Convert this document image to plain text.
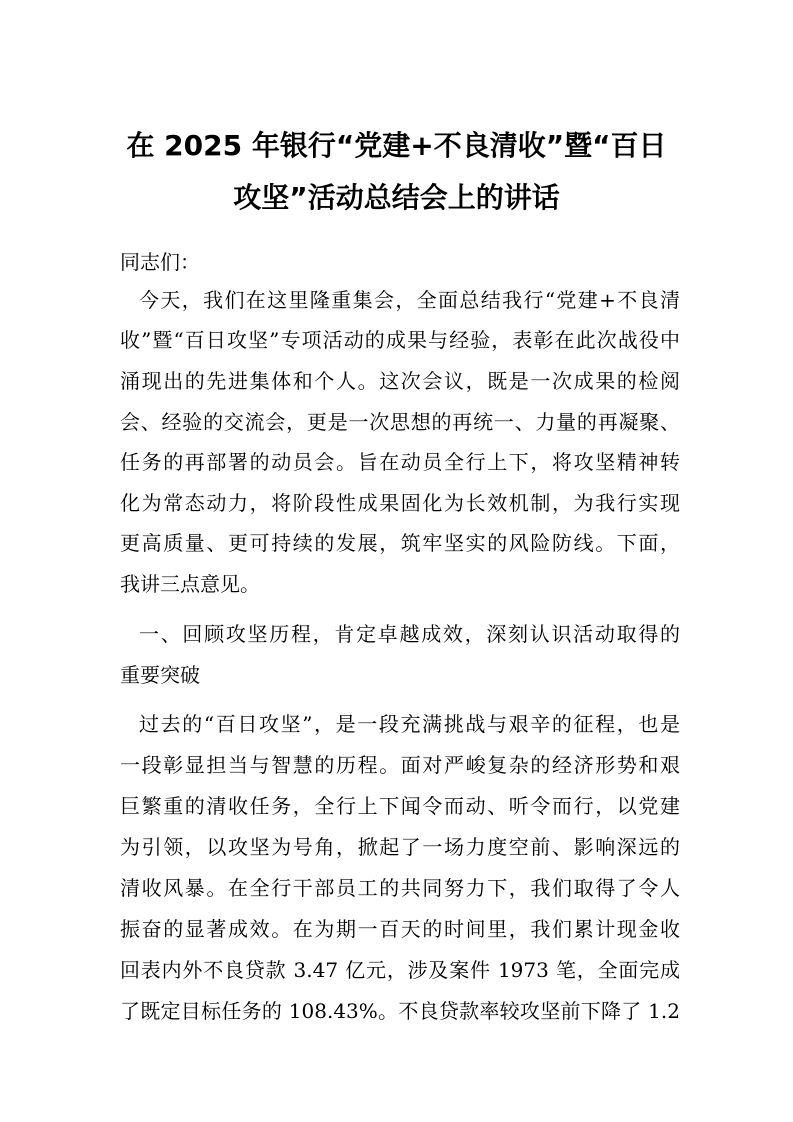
在 2025 年银行“党建+不良清收”暨“百日
攻坚”活动总结会上的讲话

同志们：

今天，我们在这里隆重集会，全面总结我行“党建+不良清

收”暨“百日攻坚”专项活动的成果与经验，表彰在此次战役中

涌现出的先进集体和个人。这次会议，既是一次成果的检阅

会、经验的交流会，更是一次思想的再统一、力量的再凝聚、

任务的再部署的动员会。旨在动员全行上下，将攻坚精神转

化为常态动力，将阶段性成果固化为长效机制，为我行实现

更高质量、更可持续的发展，筑牢坚实的风险防线。下面，

我讲三点意见。

一、回顾攻坚历程，肯定卓越成效，深刻认识活动取得的

重要突破

过去的“百日攻坚”，是一段充满挑战与艰辛的征程，也是

一段彰显担当与智慧的历程。面对严峻复杂的经济形势和艰

巨繁重的清收任务，全行上下闻令而动、听令而行，以党建

为引领，以攻坚为号角，掀起了一场力度空前、影响深远的

清收风暴。在全行干部员工的共同努力下，我们取得了令人

振奋的显著成效。在为期一百天的时间里，我们累计现金收

回表内外不良贷款 3.47 亿元，涉及案件 1973 笔，全面完成

了既定目标任务的 108.43%。不良贷款率较攻坚前下降了 1.2
